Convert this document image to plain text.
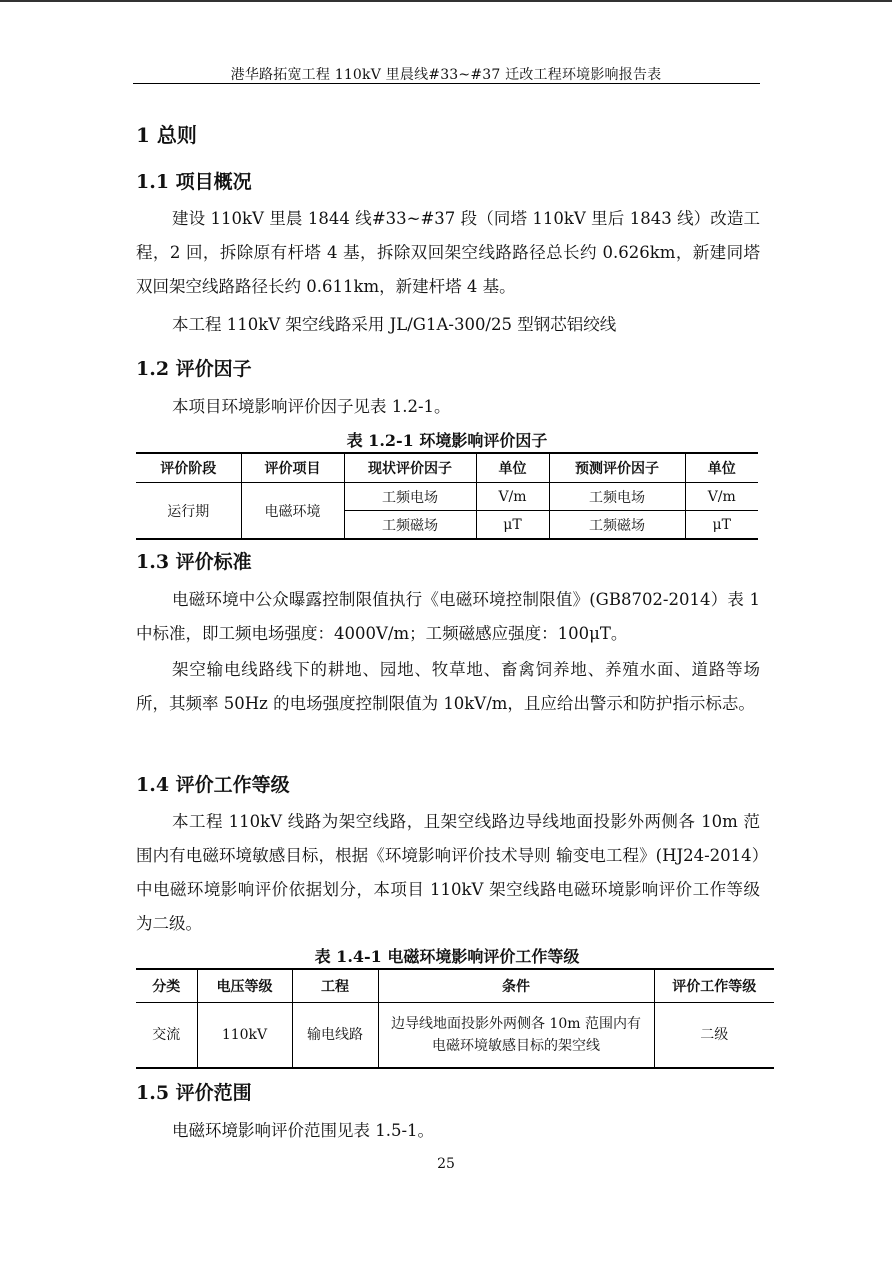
港华路拓宽工程 110kV 里晨线#33~#37 迁改工程环境影响报告表
1 总则
1.1 项目概况

建设 110kV 里晨 1844 线#33~#37 段（同塔 110kV 里后 1843 线）改造工程，2 回，拆除原有杆塔 4 基，拆除双回架空线路路径总长约 0.626km，新建同塔双回架空线路路径长约 0.611km，新建杆塔 4 基。

本工程 110kV 架空线路采用 JL/G1A-300/25 型钢芯铝绞线

1.2 评价因子

本项目环境影响评价因子见表 1.2-1。

表 1.2-1 环境影响评价因子
评价阶段	评价项目	现状评价因子	单位	预测评价因子	单位
运行期	电磁环境	工频电场	V/m	工频电场	V/m
		工频磁场	μT	工频磁场	μT
1.3 评价标准

电磁环境中公众曝露控制限值执行《电磁环境控制限值》(GB8702-2014）表 1 中标准，即工频电场强度：4000V/m；工频磁感应强度：100μT。

架空输电线路线下的耕地、园地、牧草地、畜禽饲养地、养殖水面、道路等场所，其频率 50Hz 的电场强度控制限值为 10kV/m，且应给出警示和防护指示标志。

1.4 评价工作等级

本工程 110kV 线路为架空线路，且架空线路边导线地面投影外两侧各 10m 范围内有电磁环境敏感目标，根据《环境影响评价技术导则 输变电工程》(HJ24-2014）中电磁环境影响评价依据划分，本项目 110kV 架空线路电磁环境影响评价工作等级为二级。

表 1.4-1 电磁环境影响评价工作等级
分类	电压等级	工程	条件	评价工作等级
交流	110kV	输电线路	边导线地面投影外两侧各 10m 范围内有
电磁环境敏感目标的架空线	二级
1.5 评价范围

电磁环境影响评价范围见表 1.5-1。

25
